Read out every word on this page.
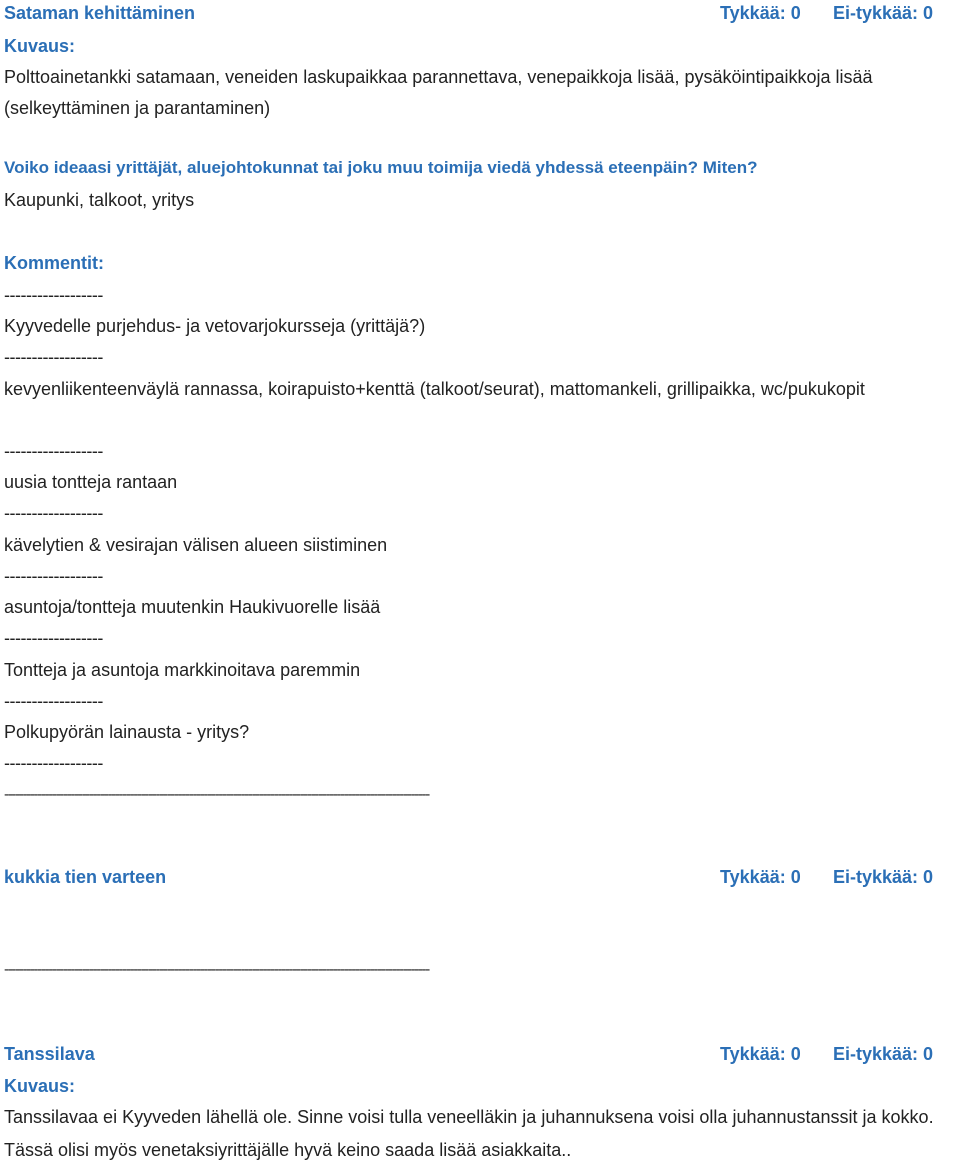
Sataman kehittäminen	Tykkää: 0 Ei-tykkää: 0
Kuvaus:
Polttoainetankki satamaan, veneiden laskupaikkaa parannettava, venepaikkoja lisää, pysäköintipaikkoja lisää (selkeyttäminen ja parantaminen)
Voiko ideaasi yrittäjät, aluejohtokunnat tai joku muu toimija viedä yhdessä eteenpäin? Miten?
Kaupunki, talkoot, yritys
Kommentit:
------------------
Kyyvedelle purjehdus- ja vetovarjokursseja (yrittäjä?)
------------------
kevyenliikenteenväylä rannassa, koirapuisto+kenttä (talkoot/seurat), mattomankeli, grillipaikka, wc/pukukopit
------------------
uusia tontteja rantaan
------------------
kävelytien & vesirajan välisen alueen siistiminen
------------------
asuntoja/tontteja muutenkin Haukivuorelle lisää
------------------
Tontteja ja asuntoja markkinoitava paremmin
------------------
Polkupyörän lainausta - yritys?
------------------
-------------------------------------------------------------------------------------------------------------------
kukkia tien varteen	Tykkää: 0 Ei-tykkää: 0
-------------------------------------------------------------------------------------------------------------------
Tanssilava	Tykkää: 0 Ei-tykkää: 0
Kuvaus:
Tanssilavaa ei Kyyveden lähellä ole. Sinne voisi tulla veneelläkin ja juhannuksena voisi olla juhannustanssit ja kokko. Tässä olisi myös venetaksiyrittäjälle hyvä keino saada lisää asiakkaita..
